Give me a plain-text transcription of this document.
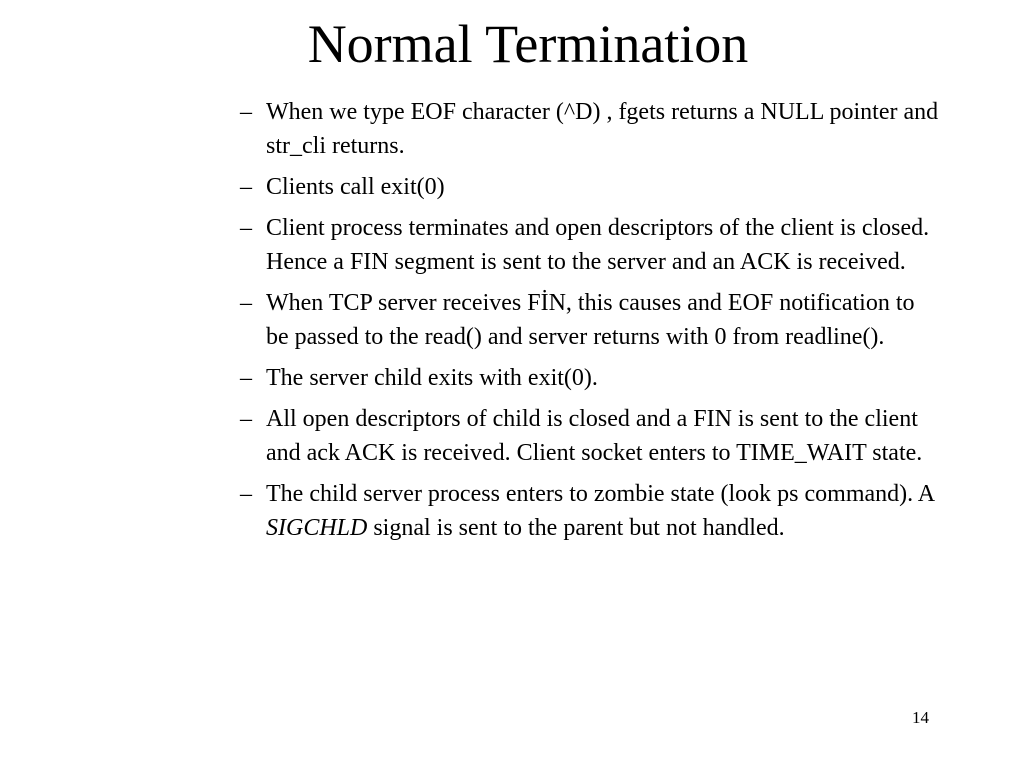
Normal Termination
– When we type EOF character (^D) , fgets returns a NULL pointer and str_cli returns.
– Clients call exit(0)
– Client process terminates and open descriptors of the client is closed. Hence a FIN segment is sent to the server and an ACK is received.
– When TCP server receives FİN, this causes and EOF notification to be passed to the read() and server returns with 0 from readline().
– The server child exits with exit(0).
– All open descriptors of child is closed and a FIN is sent to the client and ack ACK is received. Client socket enters to TIME_WAIT state.
– The child server process enters to zombie state (look ps command). A SIGCHLD signal is sent to the parent but not handled.
14
